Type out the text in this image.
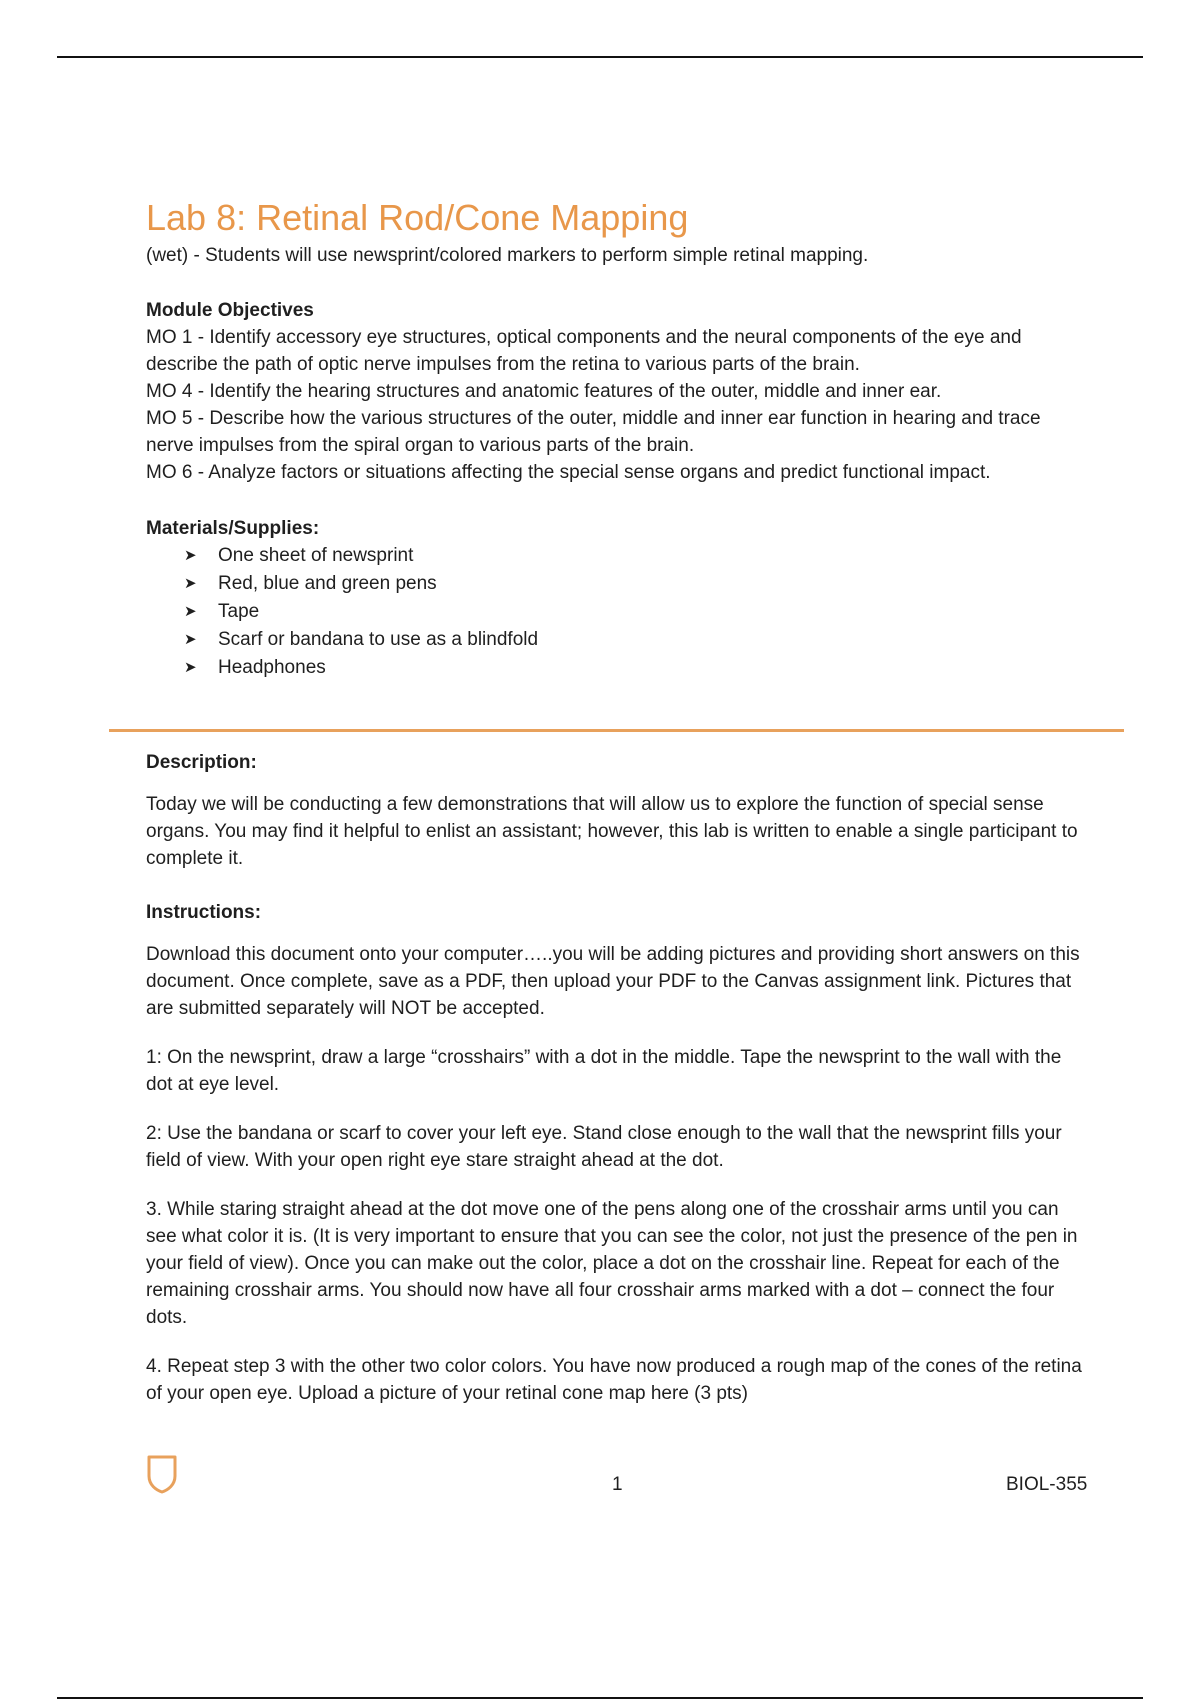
Lab 8: Retinal Rod/Cone Mapping

(wet) - Students will use newsprint/colored markers to perform simple retinal mapping.

Module Objectives

MO 1 - Identify accessory eye structures, optical components and the neural components of the eye and describe the path of optic nerve impulses from the retina to various parts of the brain.

MO 4 - Identify the hearing structures and anatomic features of the outer, middle and inner ear.

MO 5 - Describe how the various structures of the outer, middle and inner ear function in hearing and trace nerve impulses from the spiral organ to various parts of the brain.

MO 6 - Analyze factors or situations affecting the special sense organs and predict functional impact.

Materials/Supplies:

➤ One sheet of newsprint
➤ Red, blue and green pens
➤ Tape
➤ Scarf or bandana to use as a blindfold
➤ Headphones

Description:

Today we will be conducting a few demonstrations that will allow us to explore the function of special sense organs. You may find it helpful to enlist an assistant; however, this lab is written to enable a single participant to complete it.

Instructions:

Download this document onto your computer…..you will be adding pictures and providing short answers on this document. Once complete, save as a PDF, then upload your PDF to the Canvas assignment link. Pictures that are submitted separately will NOT be accepted.

1: On the newsprint, draw a large “crosshairs” with a dot in the middle. Tape the newsprint to the wall with the dot at eye level.

2: Use the bandana or scarf to cover your left eye. Stand close enough to the wall that the newsprint fills your field of view. With your open right eye stare straight ahead at the dot.

3. While staring straight ahead at the dot move one of the pens along one of the crosshair arms until you can see what color it is. (It is very important to ensure that you can see the color, not just the presence of the pen in your field of view). Once you can make out the color, place a dot on the crosshair line. Repeat for each of the remaining crosshair arms. You should now have all four crosshair arms marked with a dot – connect the four dots.

4. Repeat step 3 with the other two color colors. You have now produced a rough map of the cones of the retina of your open eye. Upload a picture of your retinal cone map here (3 pts)

1	BIOL-355
